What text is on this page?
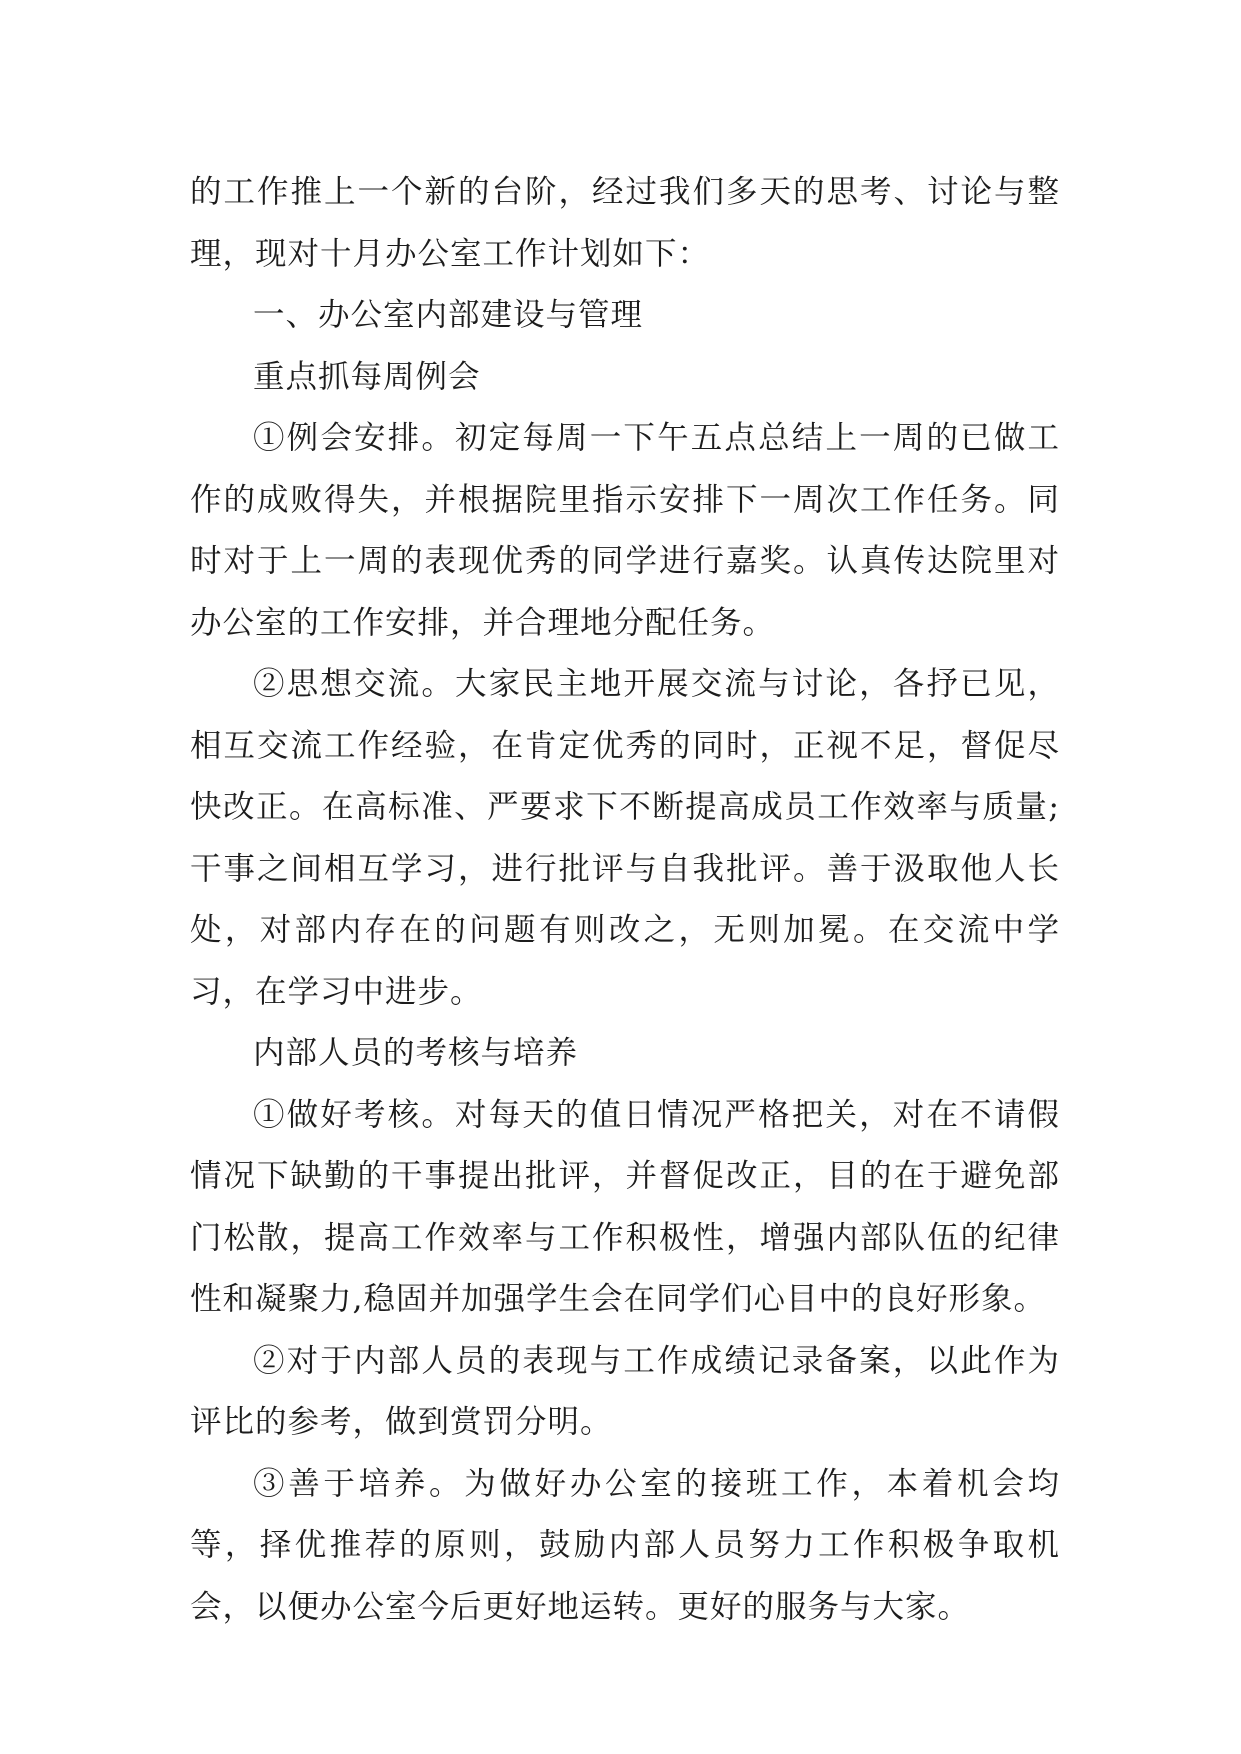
的工作推上一个新的台阶，经过我们多天的思考、讨论与整理，现对十月办公室工作计划如下：

一、办公室内部建设与管理

重点抓每周例会

①例会安排。初定每周一下午五点总结上一周的已做工作的成败得失，并根据院里指示安排下一周次工作任务。同时对于上一周的表现优秀的同学进行嘉奖。认真传达院里对办公室的工作安排，并合理地分配任务。

②思想交流。大家民主地开展交流与讨论，各抒已见，相互交流工作经验，在肯定优秀的同时，正视不足，督促尽快改正。在高标准、严要求下不断提高成员工作效率与质量;干事之间相互学习，进行批评与自我批评。善于汲取他人长处，对部内存在的问题有则改之，无则加冕。在交流中学习，在学习中进步。

内部人员的考核与培养

①做好考核。对每天的值日情况严格把关，对在不请假情况下缺勤的干事提出批评，并督促改正，目的在于避免部门松散，提高工作效率与工作积极性，增强内部队伍的纪律性和凝聚力,稳固并加强学生会在同学们心目中的良好形象。

②对于内部人员的表现与工作成绩记录备案，以此作为评比的参考，做到赏罚分明。

③善于培养。为做好办公室的接班工作，本着机会均等，择优推荐的原则，鼓励内部人员努力工作积极争取机会，以便办公室今后更好地运转。更好的服务与大家。
